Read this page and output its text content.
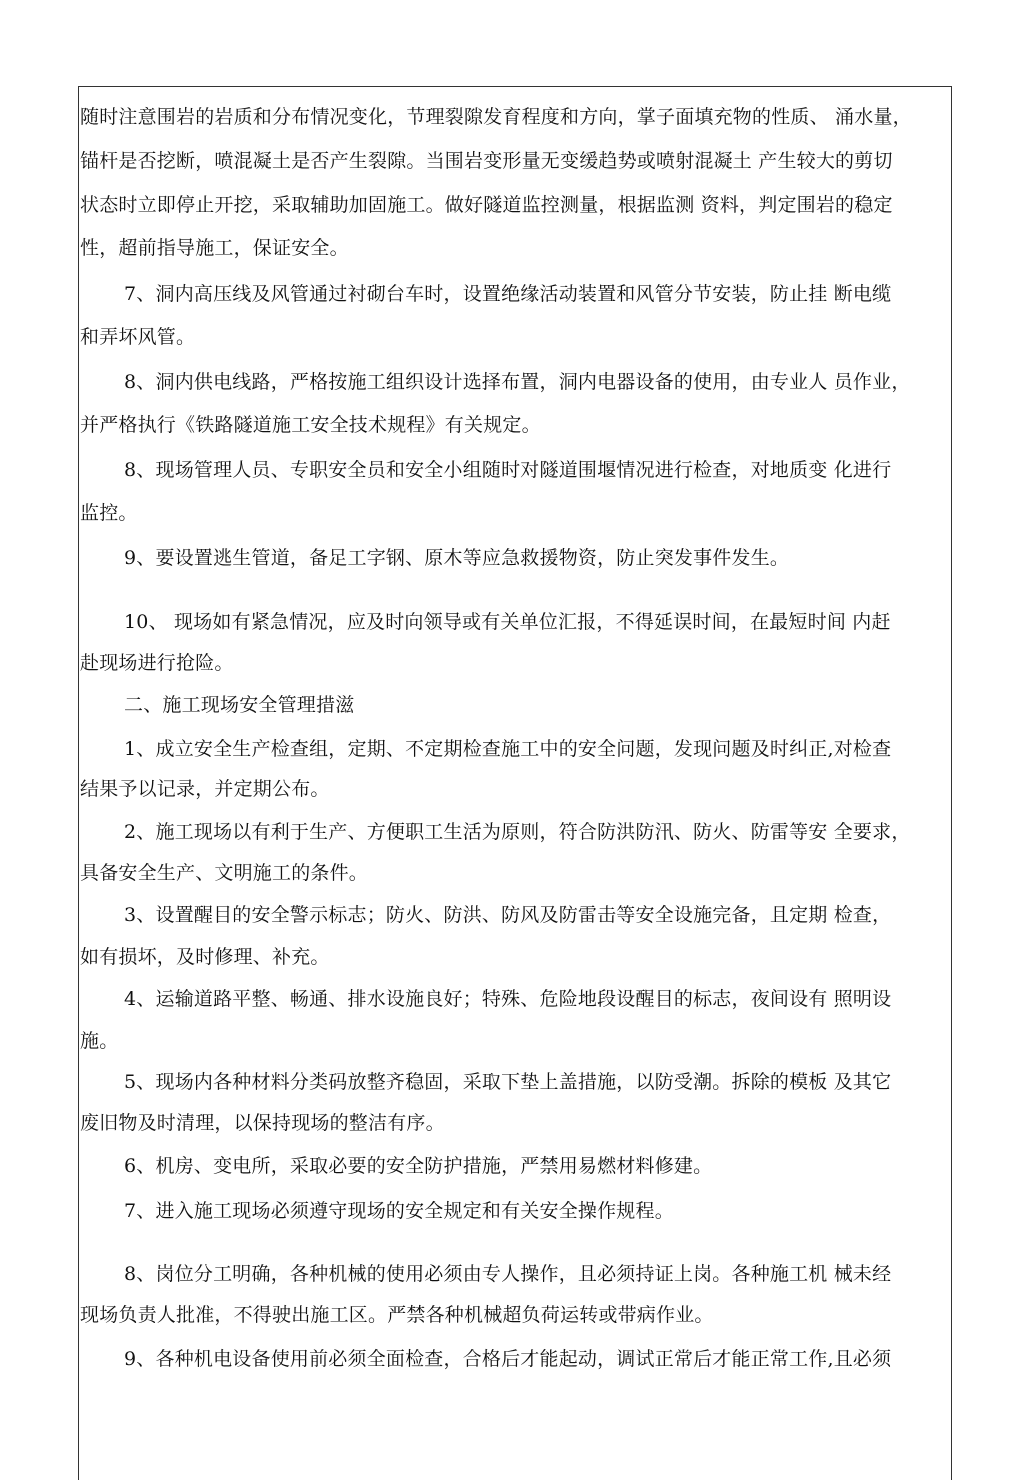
随时注意围岩的岩质和分布情况变化，节理裂隙发育程度和方向，掌子面填充物的性质、 涌水量，
锚杆是否挖断，喷混凝土是否产生裂隙。当围岩变形量无变缓趋势或喷射混凝土 产生较大的剪切
状态时立即停止开挖，采取辅助加固施工。做好隧道监控测量，根据监测 资料，判定围岩的稳定
性，超前指导施工，保证安全。
7、洞内高压线及风管通过衬砌台车时，设置绝缘活动装置和风管分节安装，防止挂 断电缆
和弄坏风管。
8、洞内供电线路，严格按施工组织设计选择布置，洞内电器设备的使用，由专业人 员作业，
并严格执行《铁路隧道施工安全技术规程》有关规定。
8、现场管理人员、专职安全员和安全小组随时对隧道围堰情况进行检查，对地质变 化进行
监控。
9、要设置逃生管道，备足工字钢、原木等应急救援物资，防止突发事件发生。
10、 现场如有紧急情况，应及时向领导或有关单位汇报，不得延误时间，在最短时间 内赶
赴现场进行抢险。
二、施工现场安全管理措滋
1、成立安全生产检查组，定期、不定期检查施工中的安全问题，发现问题及时纠正,对检查
结果予以记录，并定期公布。
2、施工现场以有利于生产、方便职工生活为原则，符合防洪防汛、防火、防雷等安 全要求，
具备安全生产、文明施工的条件。
3、设置醒目的安全警示标志；防火、防洪、防风及防雷击等安全设施完备，且定期 检查，
如有损坏，及时修理、补充。
4、运输道路平整、畅通、排水设施良好；特殊、危险地段设醒目的标志，夜间设有 照明设
施。
5、现场内各种材料分类码放整齐稳固，采取下垫上盖措施，以防受潮。拆除的模板 及其它
废旧物及时清理，以保持现场的整洁有序。
6、机房、变电所，采取必要的安全防护措施，严禁用易燃材料修建。
7、进入施工现场必须遵守现场的安全规定和有关安全操作规程。
8、岗位分工明确，各种机械的使用必须由专人操作，且必须持证上岗。各种施工机 械未经
现场负责人批准，不得驶出施工区。严禁各种机械超负荷运转或带病作业。
9、各种机电设备使用前必须全面检查，合格后才能起动，调试正常后才能正常工作,且必须
